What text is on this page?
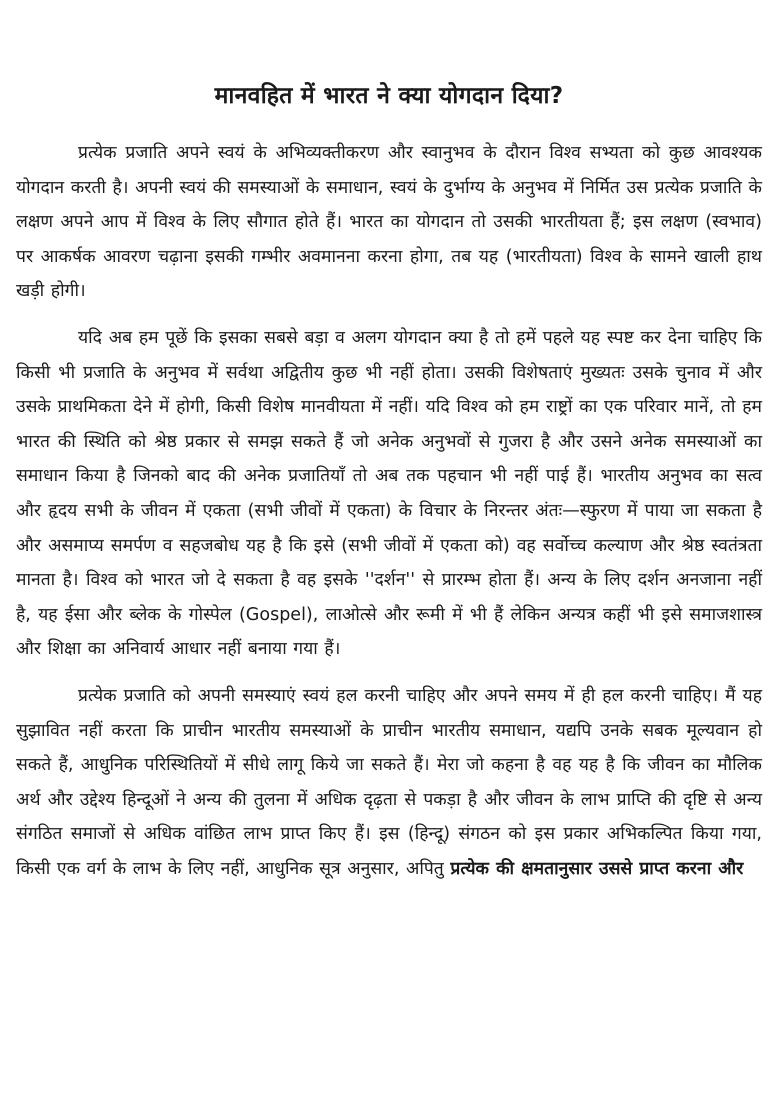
मानवहित में भारत ने क्या योगदान दिया?

प्रत्येक प्रजाति अपने स्वयं के अभिव्यक्तीकरण और स्वानुभव के दौरान विश्व सभ्यता को कुछ आवश्यक योगदान करती है। अपनी स्वयं की समस्याओं के समाधान, स्वयं के दुर्भाग्य के अनुभव में निर्मित उस प्रत्येक प्रजाति के लक्षण अपने आप में विश्व के लिए सौगात होते हैं। भारत का योगदान तो उसकी भारतीयता हैं; इस लक्षण (स्वभाव) पर आकर्षक आवरण चढ़ाना इसकी गम्भीर अवमानना करना होगा, तब यह (भारतीयता) विश्व के सामने खाली हाथ खड़ी होगी।

यदि अब हम पूछें कि इसका सबसे बड़ा व अलग योगदान क्या है तो हमें पहले यह स्पष्ट कर देना चाहिए कि किसी भी प्रजाति के अनुभव में सर्वथा अद्वितीय कुछ भी नहीं होता। उसकी विशेषताएं मुख्यतः उसके चुनाव में और उसके प्राथमिकता देने में होगी, किसी विशेष मानवीयता में नहीं। यदि विश्व को हम राष्ट्रों का एक परिवार मानें, तो हम भारत की स्थिति को श्रेष्ठ प्रकार से समझ सकते हैं जो अनेक अनुभवों से गुजरा है और उसने अनेक समस्याओं का समाधान किया है जिनको बाद की अनेक प्रजातियाँ तो अब तक पहचान भी नहीं पाई हैं। भारतीय अनुभव का सत्व और हृदय सभी के जीवन में एकता (सभी जीवों में एकता) के विचार के निरन्तर अंतः—स्फुरण में पाया जा सकता है और असमाप्य समर्पण व सहजबोध यह है कि इसे (सभी जीवों में एकता को) वह सर्वोच्च कल्याण और श्रेष्ठ स्वतंत्रता मानता है। विश्व को भारत जो दे सकता है वह इसके ''दर्शन'' से प्रारम्भ होता हैं। अन्य के लिए दर्शन अनजाना नहीं है, यह ईसा और ब्लेक के गोस्पेल (Gospel), लाओत्से और रूमी में भी हैं लेकिन अन्यत्र कहीं भी इसे समाजशास्त्र और शिक्षा का अनिवार्य आधार नहीं बनाया गया हैं।

प्रत्येक प्रजाति को अपनी समस्याएं स्वयं हल करनी चाहिए और अपने समय में ही हल करनी चाहिए। मैं यह सुझावित नहीं करता कि प्राचीन भारतीय समस्याओं के प्राचीन भारतीय समाधान, यद्यपि उनके सबक मूल्यवान हो सकते हैं, आधुनिक परिस्थितियों में सीधे लागू किये जा सकते हैं। मेरा जो कहना है वह यह है कि जीवन का मौलिक अर्थ और उद्देश्य हिन्दूओं ने अन्य की तुलना में अधिक दृढ़ता से पकड़ा है और जीवन के लाभ प्राप्ति की दृष्टि से अन्य संगठित समाजों से अधिक वांछित लाभ प्राप्त किए हैं। इस (हिन्दू) संगठन को इस प्रकार अभिकल्पित किया गया, किसी एक वर्ग के लाभ के लिए नहीं, आधुनिक सूत्र अनुसार, अपितु प्रत्येक की क्षमतानुसार उससे प्राप्त करना और
